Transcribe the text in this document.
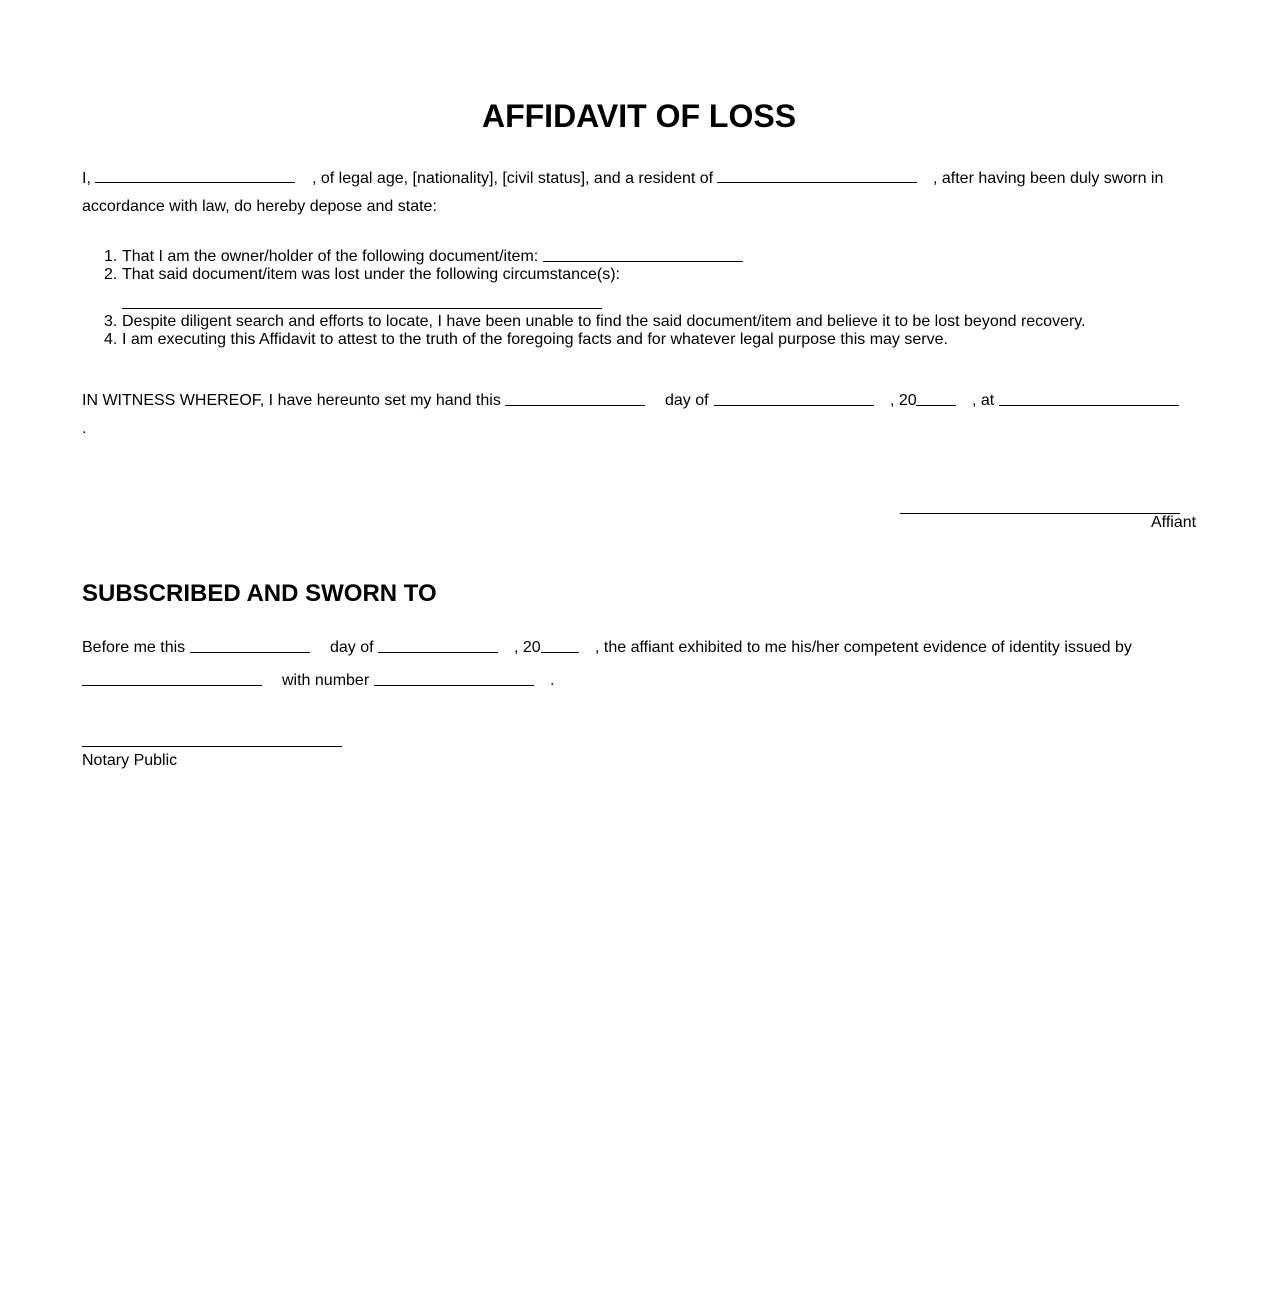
AFFIDAVIT OF LOSS
I,	, of legal age, [nationality], [civil status], and a resident of	, after having been duly sworn in
accordance with law, do hereby depose and state:
1. That I am the owner/holder of the following document/item:
2. That said document/item was lost under the following circumstance(s):
3. Despite diligent search and efforts to locate, I have been unable to find the said document/item and believe it to be lost beyond recovery.
4. I am executing this Affidavit to attest to the truth of the foregoing facts and for whatever legal purpose this may serve.
IN WITNESS WHEREOF, I have hereunto set my hand this	day of	, 20	, at
.
Affiant
SUBSCRIBED AND SWORN TO
Before me this	day of	, 20	, the affiant exhibited to me his/her competent evidence of identity issued by
with number	.
Notary Public
